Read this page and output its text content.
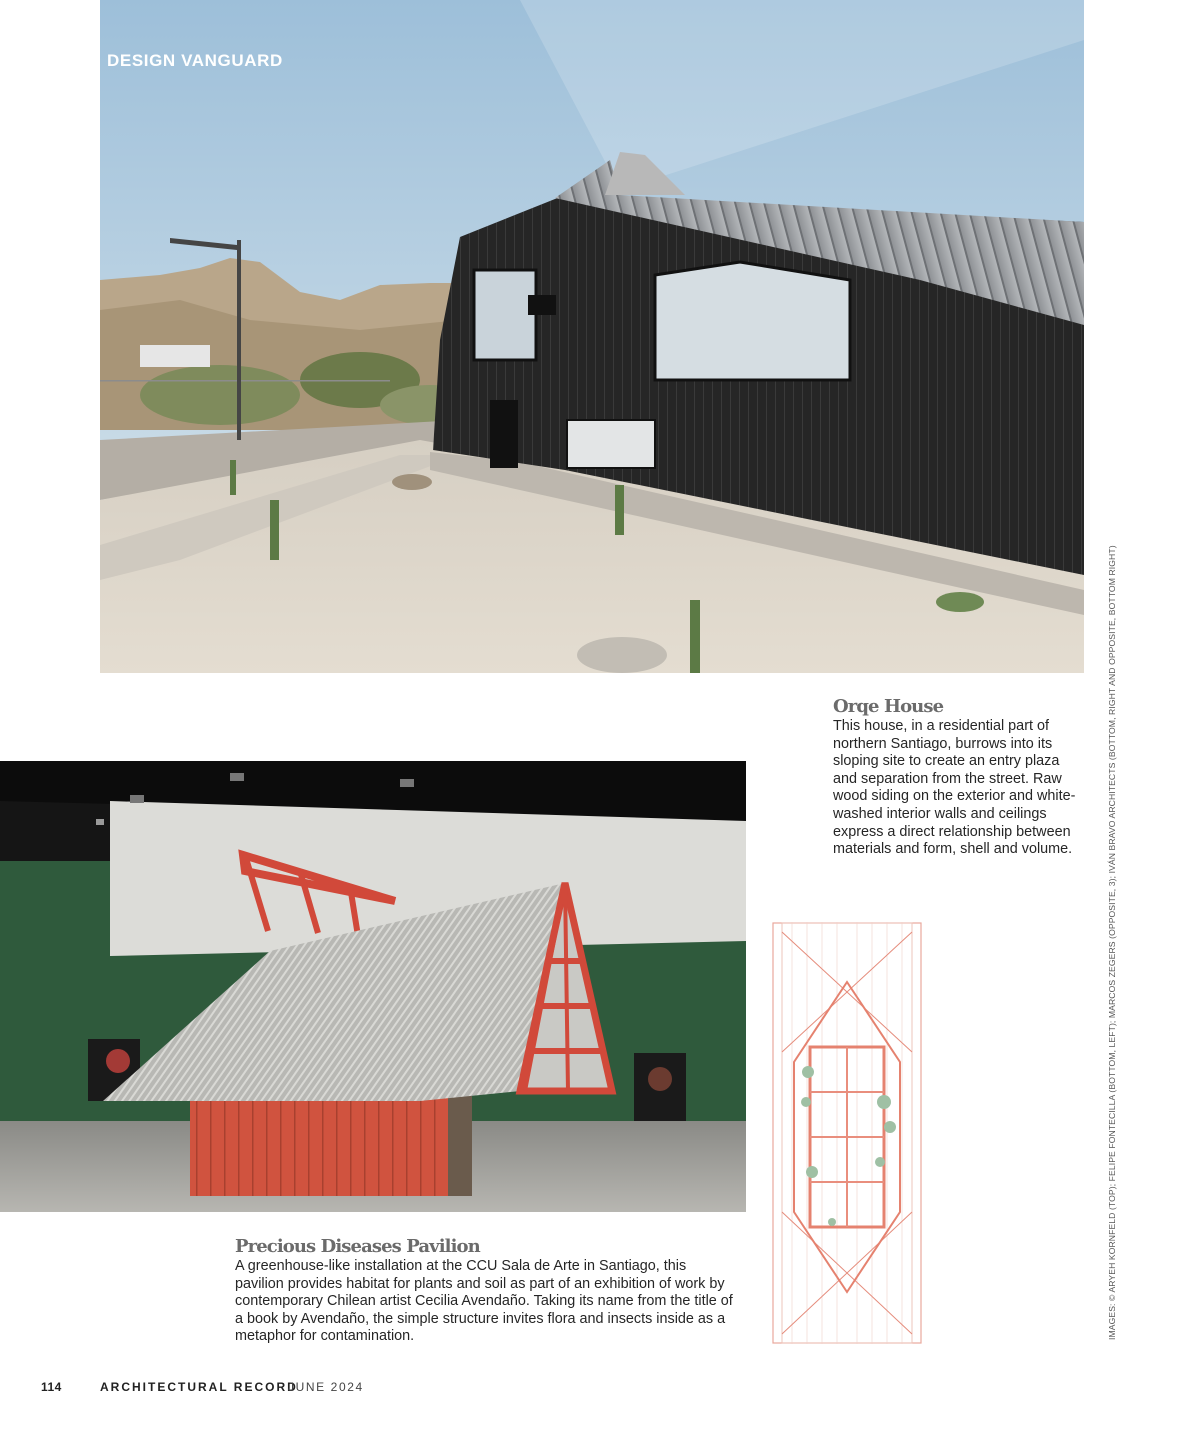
DESIGN VANGUARD
Orqe House
This house, in a residential part of northern Santiago, burrows into its sloping site to create an entry plaza and separation from the street. Raw wood siding on the exterior and white-washed interior walls and ceilings express a direct relationship between materials and form, shell and volume.
Precious Diseases Pavilion
A greenhouse-like installation at the CCU Sala de Arte in Santiago, this pavilion provides habitat for plants and soil as part of an exhibition of work by contemporary Chilean artist Cecilia Avendaño. Taking its name from the title of a book by Avendaño, the simple structure invites flora and insects inside as a metaphor for contamination.	IMAGES: © ARYEH KORNFELD (TOP); FELIPE FONTECILLA (BOTTOM, LEFT); MARCOS ZEGERS (OPPOSITE, 3); IVÁN BRAVO ARCHITECTS (BOTTOM, RIGHT AND OPPOSITE, BOTTOM RIGHT)
114	ARCHITECTURAL RECORD
JUNE 2024
